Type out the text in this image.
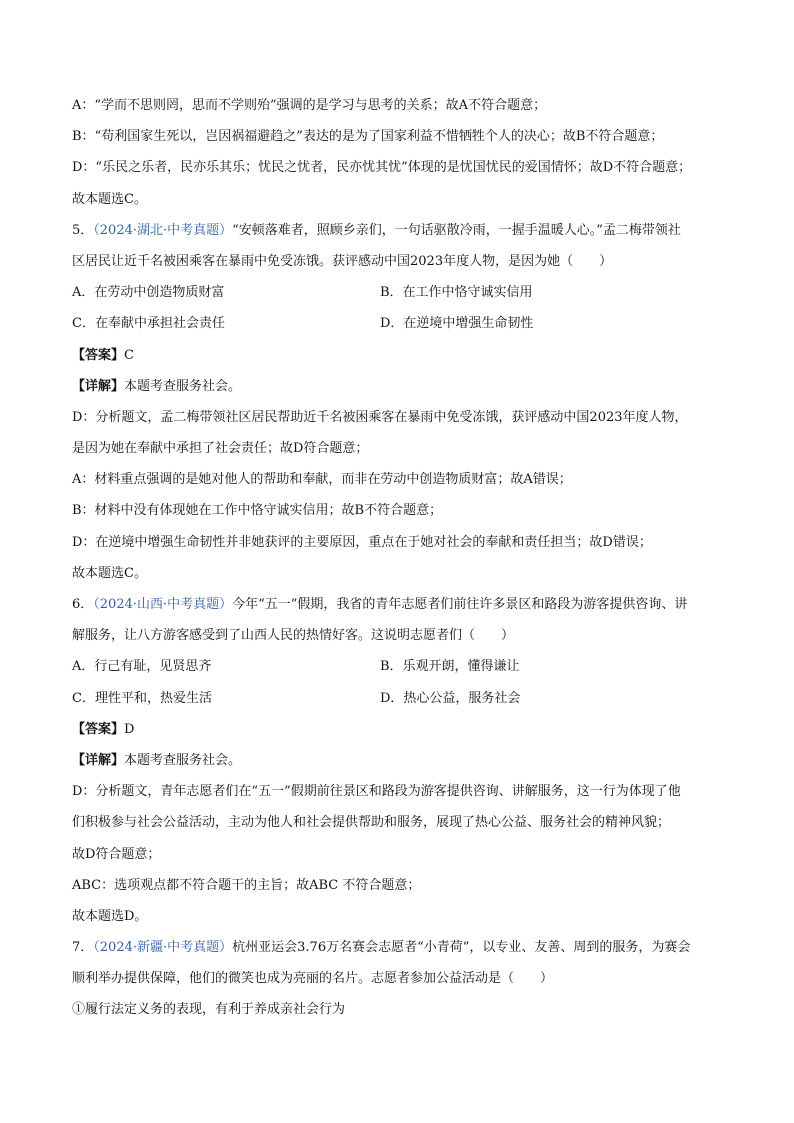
A：“学而不思则罔，思而不学则殆”强调的是学习与思考的关系；故A不符合题意；
B：“苟利国家生死以，岂因祸福避趋之”表达的是为了国家利益不惜牺牲个人的决心；故B不符合题意；
D：“乐民之乐者，民亦乐其乐；忧民之忧者，民亦忧其忧”体现的是忧国忧民的爱国情怀；故D不符合题意；
故本题选C。
5．（2024·湖北·中考真题）“安顿落难者，照顾乡亲们，一句话驱散冷雨，一握手温暖人心。”孟二梅带领社
区居民让近千名被困乘客在暴雨中免受冻饿。获评感动中国2023年度人物，是因为她（　　）
A．在劳动中创造物质财富	B．在工作中恪守诚实信用
C．在奉献中承担社会责任	D．在逆境中增强生命韧性
【答案】C
【详解】本题考查服务社会。
D：分析题文，孟二梅带领社区居民帮助近千名被困乘客在暴雨中免受冻饿，获评感动中国2023年度人物，
是因为她在奉献中承担了社会责任；故D符合题意；
A：材料重点强调的是她对他人的帮助和奉献，而非在劳动中创造物质财富；故A错误；
B：材料中没有体现她在工作中恪守诚实信用；故B不符合题意；
D：在逆境中增强生命韧性并非她获评的主要原因，重点在于她对社会的奉献和责任担当；故D错误；
故本题选C。
6．（2024·山西·中考真题）今年“五一”假期，我省的青年志愿者们前往许多景区和路段为游客提供咨询、讲
解服务，让八方游客感受到了山西人民的热情好客。这说明志愿者们（　　）
A．行己有耻，见贤思齐	B．乐观开朗，懂得谦让
C．理性平和，热爱生活	D．热心公益，服务社会
【答案】D
【详解】本题考查服务社会。
D：分析题文，青年志愿者们在“五一”假期前往景区和路段为游客提供咨询、讲解服务，这一行为体现了他
们积极参与社会公益活动，主动为他人和社会提供帮助和服务，展现了热心公益、服务社会的精神风貌；
故D符合题意；
ABC：选项观点都不符合题干的主旨；故ABC 不符合题意；
故本题选D。
7．（2024·新疆·中考真题）杭州亚运会3.76万名赛会志愿者“小青荷”，以专业、友善、周到的服务，为赛会
顺利举办提供保障，他们的微笑也成为亮丽的名片。志愿者参加公益活动是（　　）
①履行法定义务的表现，有利于养成亲社会行为
